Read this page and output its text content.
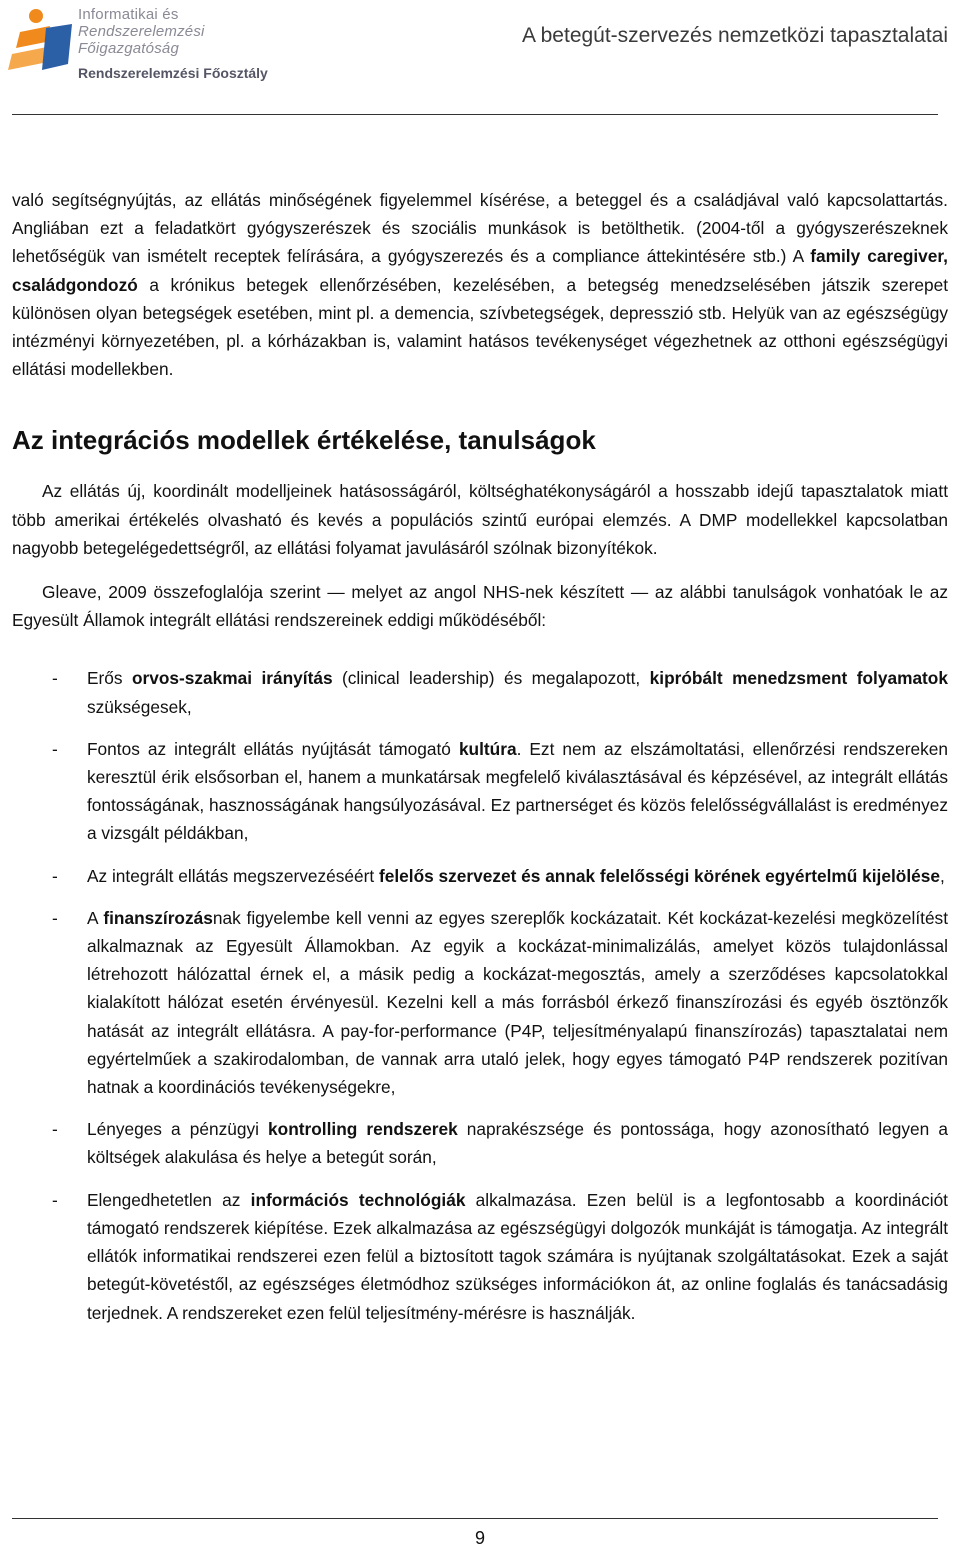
Informatikai és
Rendszerelemzési
Főigazgatóság
Rendszerelemzési Főosztály
A betegút-szervezés nemzetközi tapasztalatai

való segítségnyújtás, az ellátás minőségének figyelemmel kísérése, a beteggel és a családjával való kapcsolattartás. Angliában ezt a feladatkört gyógyszerészek és szociális munkások is betölthetik. (2004-től a gyógyszerészeknek lehetőségük van ismételt receptek felírására, a gyógyszerezés és a compliance áttekintésére stb.) A family caregiver, családgondozó a krónikus betegek ellenőrzésében, kezelésében, a betegség menedzselésében játszik szerepet különösen olyan betegségek esetében, mint pl. a demencia, szívbetegségek, depresszió stb. Helyük van az egészségügy intézményi környezetében, pl. a kórházakban is, valamint hatásos tevékenységet végezhetnek az otthoni egészségügyi ellátási modellekben.

Az integrációs modellek értékelése, tanulságok

Az ellátás új, koordinált modelljeinek hatásosságáról, költséghatékonyságáról a hosszabb idejű tapasztalatok miatt több amerikai értékelés olvasható és kevés a populációs szintű európai elemzés. A DMP modellekkel kapcsolatban nagyobb betegelégedettségről, az ellátási folyamat javulásáról szólnak bizonyítékok.

Gleave, 2009 összefoglalója szerint — melyet az angol NHS-nek készített — az alábbi tanulságok vonhatóak le az Egyesült Államok integrált ellátási rendszereinek eddigi működéséből:

- Erős orvos-szakmai irányítás (clinical leadership) és megalapozott, kipróbált menedzsment folyamatok szükségesek,
- Fontos az integrált ellátás nyújtását támogató kultúra. Ezt nem az elszámoltatási, ellenőrzési rendszereken keresztül érik elsősorban el, hanem a munkatársak megfelelő kiválasztásával és képzésével, az integrált ellátás fontosságának, hasznosságának hangsúlyozásával. Ez partnerséget és közös felelősségvállalást is eredményez a vizsgált példákban,
- Az integrált ellátás megszervezéséért felelős szervezet és annak felelősségi körének egyértelmű kijelölése,
- A finanszírozásnak figyelembe kell venni az egyes szereplők kockázatait. Két kockázat-kezelési megközelítést alkalmaznak az Egyesült Államokban. Az egyik a kockázat-minimalizálás, amelyet közös tulajdonlással létrehozott hálózattal érnek el, a másik pedig a kockázat-megosztás, amely a szerződéses kapcsolatokkal kialakított hálózat esetén érvényesül. Kezelni kell a más forrásból érkező finanszírozási és egyéb ösztönzők hatását az integrált ellátásra. A pay-for-performance (P4P, teljesítményalapú finanszírozás) tapasztalatai nem egyértelműek a szakirodalomban, de vannak arra utaló jelek, hogy egyes támogató P4P rendszerek pozitívan hatnak a koordinációs tevékenységekre,
- Lényeges a pénzügyi kontrolling rendszerek naprakészsége és pontossága, hogy azonosítható legyen a költségek alakulása és helye a betegút során,
- Elengedhetetlen az információs technológiák alkalmazása. Ezen belül is a legfontosabb a koordinációt támogató rendszerek kiépítése. Ezek alkalmazása az egészségügyi dolgozók munkáját is támogatja. Az integrált ellátók informatikai rendszerei ezen felül a biztosított tagok számára is nyújtanak szolgáltatásokat. Ezek a saját betegút-követéstől, az egészséges életmódhoz szükséges információkon át, az online foglalás és tanácsadásig terjednek. A rendszereket ezen felül teljesítmény-mérésre is használják.
9
